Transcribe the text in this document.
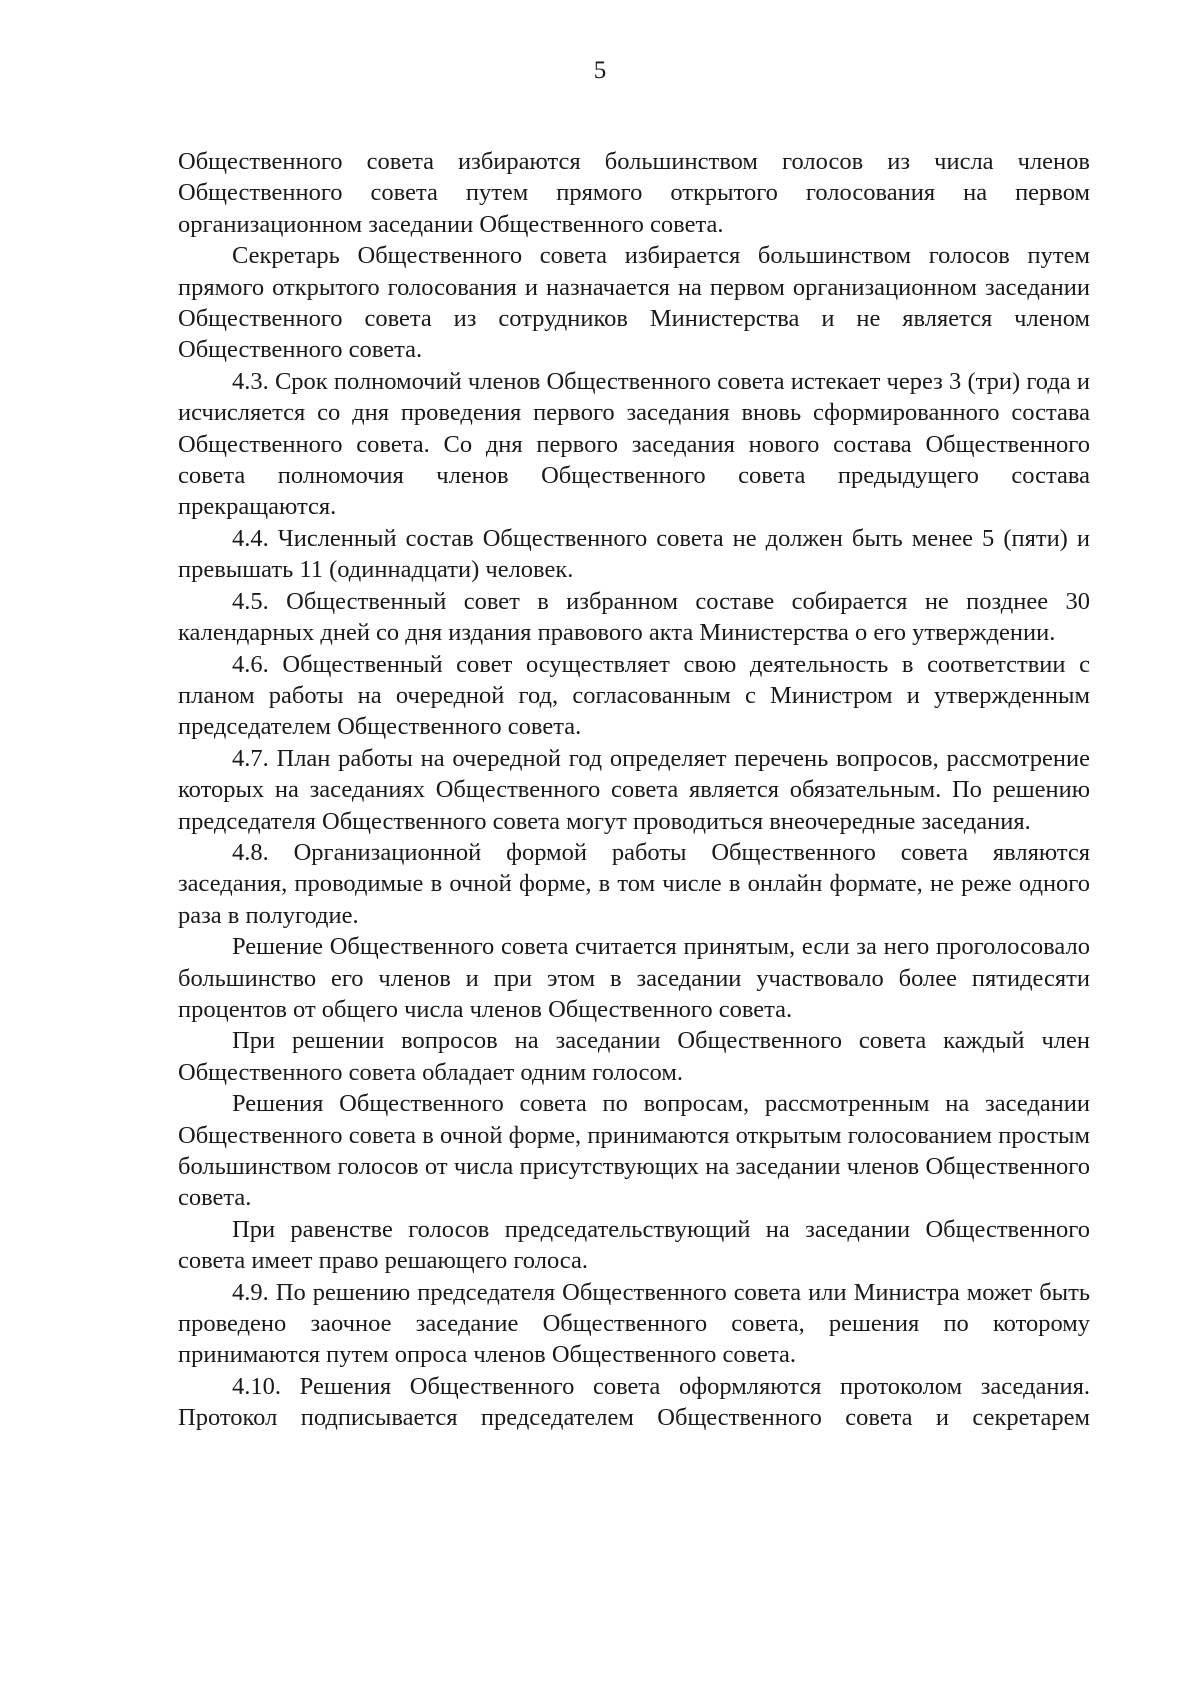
5

Общественного совета избираются большинством голосов из числа членов Общественного совета путем прямого открытого голосования на первом организационном заседании Общественного совета.

Секретарь Общественного совета избирается большинством голосов путем прямого открытого голосования и назначается на первом организационном заседании Общественного совета из сотрудников Министерства и не является членом Общественного совета.

4.3. Срок полномочий членов Общественного совета истекает через 3 (три) года и исчисляется со дня проведения первого заседания вновь сформированного состава Общественного совета. Со дня первого заседания нового состава Общественного совета полномочия членов Общественного совета предыдущего состава прекращаются.

4.4. Численный состав Общественного совета не должен быть менее 5 (пяти) и превышать 11 (одиннадцати) человек.

4.5. Общественный совет в избранном составе собирается не позднее 30 календарных дней со дня издания правового акта Министерства о его утверждении.

4.6. Общественный совет осуществляет свою деятельность в соответствии с планом работы на очередной год, согласованным с Министром и утвержденным председателем Общественного совета.

4.7. План работы на очередной год определяет перечень вопросов, рассмотрение которых на заседаниях Общественного совета является обязательным. По решению председателя Общественного совета могут проводиться внеочередные заседания.

4.8. Организационной формой работы Общественного совета являются заседания, проводимые в очной форме, в том числе в онлайн формате, не реже одного раза в полугодие.

Решение Общественного совета считается принятым, если за него проголосовало большинство его членов и при этом в заседании участвовало более пятидесяти процентов от общего числа членов Общественного совета.

При решении вопросов на заседании Общественного совета каждый член Общественного совета обладает одним голосом.

Решения Общественного совета по вопросам, рассмотренным на заседании Общественного совета в очной форме, принимаются открытым голосованием простым большинством голосов от числа присутствующих на заседании членов Общественного совета.

При равенстве голосов председательствующий на заседании Общественного совета имеет право решающего голоса.

4.9. По решению председателя Общественного совета или Министра может быть проведено заочное заседание Общественного совета, решения по которому принимаются путем опроса членов Общественного совета.

4.10. Решения Общественного совета оформляются протоколом заседания. Протокол подписывается председателем Общественного совета и секретарем
